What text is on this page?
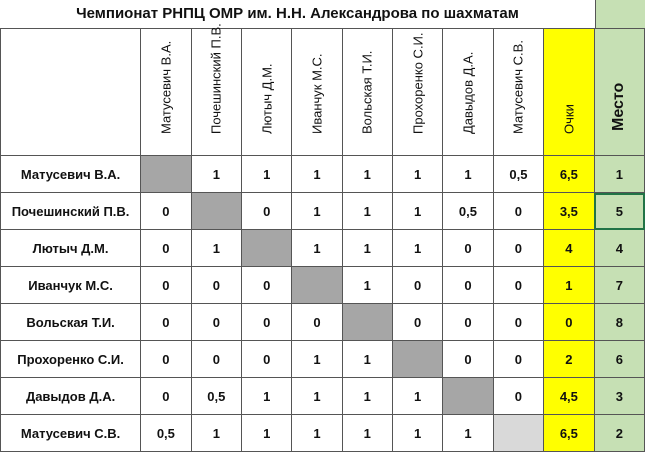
Чемпионат РНПЦ ОМР им. Н.Н. Александрова по шахматам

	Матусевич В.А.	Почешинский П.В.	Лютыч Д.М.	Иванчук М.С.	Вольская Т.И.	Прохоренко С.И.	Давыдов Д.А.	Матусевич С.В.	Очки	Место

Матусевич В.А.		1	1	1	1	1	1	0,5	6,5	1
Почешинский П.В.	0		0	1	1	1	0,5	0	3,5	5
Лютыч Д.М.	0	1		1	1	1	0	0	4	4
Иванчук М.С.	0	0	0		1	0	0	0	1	7
Вольская Т.И.	0	0	0	0		0	0	0	0	8
Прохоренко С.И.	0	0	0	1	1		0	0	2	6
Давыдов Д.А.	0	0,5	1	1	1	1		0	4,5	3
Матусевич С.В.	0,5	1	1	1	1	1	1		6,5	2
